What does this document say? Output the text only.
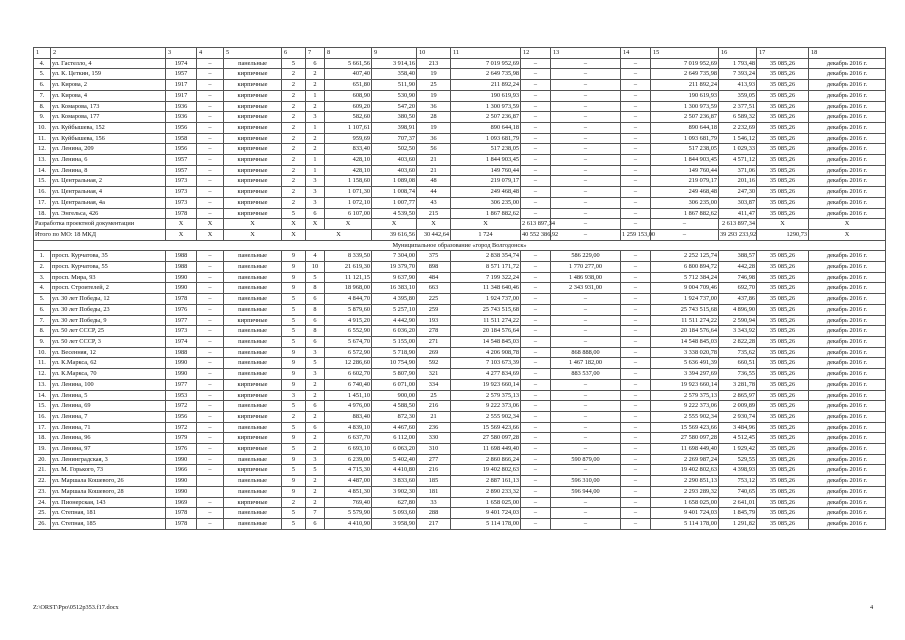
1	2	3	4	5	6	7	8	9	10	11	12	13	14	15	16	17	18	
4.	ул. Гастелло, 4	1974	–	панельные	5	6	5 661,56	3 914,16	213	7 019 952,69	–	–	–	7 019 952,69	1 793,48	35 085,26	декабрь 2016 г.	
5.	ул. К. Цеткин, 159	1957	–	кирпичные	2	2	407,40	358,40	19	2 649 735,98	–	–	–	2 649 735,98	7 393,24	35 085,26	декабрь 2016 г.	
6.	ул. Кирова, 2	1917	–	кирпичные	2	2	651,80	511,90	25	211 892,24	–	–	–	211 892,24	413,93	35 085,26	декабрь 2016 г.	
7.	ул. Кирова, 4	1917	–	кирпичные	2	1	608,90	530,90	19	190 619,93	–	–	–	190 619,93	359,05	35 085,26	декабрь 2016 г.	
8.	ул. Комарова, 173	1936	–	кирпичные	2	2	609,20	547,20	36	1 300 973,59	–	–	–	1 300 973,59	2 377,51	35 085,26	декабрь 2016 г.	
9.	ул. Комарова, 177	1936	–	кирпичные	2	3	582,60	380,50	28	2 507 236,87	–	–	–	2 507 236,87	6 589,32	35 085,26	декабрь 2016 г.	
10.	ул. Куйбышева, 152	1956	–	кирпичные	2	1	1 107,61	398,91	19	890 644,18	–	–	–	890 644,18	2 232,69	35 085,26	декабрь 2016 г.	
11.	ул. Куйбышева, 156	1958	–	кирпичные	2	2	959,69	707,37	36	1 093 681,79	–	–	–	1 093 681,79	1 546,12	35 085,26	декабрь 2016 г.	
12.	ул. Ленина, 209	1956	–	кирпичные	2	2	833,40	502,50	56	517 238,05	–	–	–	517 238,05	1 029,33	35 085,26	декабрь 2016 г.	
13.	ул. Ленина, 6	1957	–	кирпичные	2	1	428,10	403,60	21	1 844 903,45	–	–	–	1 844 903,45	4 571,12	35 085,26	декабрь 2016 г.	
14.	ул. Ленина, 8	1957	–	кирпичные	2	1	428,10	403,60	21	149 760,44	–	–	–	149 760,44	371,06	35 085,26	декабрь 2016 г.	
15.	ул. Центральная, 2	1973	–	кирпичные	2	3	1 158,60	1 089,08	48	219 079,17	–	–	–	219 079,17	201,16	35 085,26	декабрь 2016 г.	
16.	ул. Центральная, 4	1973	–	кирпичные	2	3	1 071,30	1 008,74	44	249 468,48	–	–	–	249 468,48	247,30	35 085,26	декабрь 2016 г.	
17.	ул. Центральная, 4а	1973	–	кирпичные	2	3	1 072,10	1 007,77	43	306 235,00	–	–	–	306 235,00	303,87	35 085,26	декабрь 2016 г.	
18.	ул. Энгельса, 426	1978	–	кирпичные	5	6	6 107,00	4 539,50	215	1 867 882,62	–	–	–	1 867 882,62	411,47	35 085,26	декабрь 2016 г.	
Разработка проектной документации		X	X	X	X	X	X	X	X	X	2 613 897,34	–	–	–	2 613 897,34	X	X	
Итого по МО: 18 МКД		X	X	X	X	X		39 616,56	30 442,64	1 724	40 552 386,92	–	1 259 153,00	–	39 293 233,92	1290,73	X	
Муниципальное образование «город Волгодонск»																		
1.	просп. Курчатова, 35	1988	–	панельные	9	4	8 339,50	7 304,00	375	2 838 354,74	–	586 229,00	–	2 252 125,74	388,57	35 085,26	декабрь 2016 г.	
2.	просп. Курчатова, 55	1988	–	панельные	9	10	21 619,30	19 379,70	898	8 571 171,72	–	1 770 277,00	–	6 800 894,72	442,28	35 085,26	декабрь 2016 г.	
3.	просп. Мира, 93	1990	–	панельные	9	5	11 121,15	9 637,90	484	7 199 322,24	–	1 486 938,00	–	5 712 384,24	746,98	35 085,26	декабрь 2016 г.	
4.	просп. Строителей, 2	1990	–	панельные	9	8	18 968,00	16 383,10	663	11 348 640,46	–	2 343 931,00	–	9 004 709,46	692,70	35 085,26	декабрь 2016 г.	
5.	ул. 30 лет Победы, 12	1978	–	панельные	5	6	4 844,70	4 395,80	225	1 924 737,00	–	–	–	1 924 737,00	437,86	35 085,26	декабрь 2016 г.	
6.	ул. 30 лет Победы, 23	1976	–	панельные	5	8	5 879,60	5 257,10	259	25 743 515,68	–	–	–	25 743 515,68	4 896,90	35 085,26	декабрь 2016 г.	
7.	ул. 30 лет Победы, 9	1977	–	кирпичные	5	6	4 915,20	4 442,90	193	11 511 274,22	–	–	–	11 511 274,22	2 590,94	35 085,26	декабрь 2016 г.	
8.	ул. 50 лет СССР, 25	1973	–	панельные	5	8	6 552,90	6 036,20	278	20 184 576,64	–	–	–	20 184 576,64	3 343,92	35 085,26	декабрь 2016 г.	
9.	ул. 50 лет СССР, 3	1974	–	панельные	5	6	5 674,70	5 155,00	271	14 548 845,03	–	–	–	14 548 845,03	2 822,28	35 085,26	декабрь 2016 г.	
10.	ул. Весенняя, 12	1988	–	панельные	9	3	6 572,90	5 718,90	269	4 206 908,78	–	868 888,00	–	3 338 020,78	735,62	35 085,26	декабрь 2016 г.	
11.	ул. К.Маркса, 62	1990	–	панельные	9	5	12 286,60	10 754,90	592	7 103 673,39	–	1 467 182,00	–	5 636 491,39	660,51	35 085,26	декабрь 2016 г.	
12.	ул. К.Маркса, 70	1990	–	панельные	9	3	6 602,70	5 807,90	321	4 277 834,69	–	883 537,00	–	3 394 297,69	736,55	35 085,26	декабрь 2016 г.	
13.	ул. Ленина, 100	1977	–	кирпичные	9	2	6 740,40	6 071,00	334	19 923 660,14	–	–	–	19 923 660,14	3 281,78	35 085,26	декабрь 2016 г.	
14.	ул. Ленина, 5	1953	–	кирпичные	3	2	1 451,10	900,00	25	2 579 375,13	–	–	–	2 579 375,13	2 865,97	35 085,26	декабрь 2016 г.	
15.	ул. Ленина, 69	1972	–	панельные	5	6	4 976,00	4 588,50	216	9 222 373,06	–	–	–	9 222 373,06	2 009,89	35 085,26	декабрь 2016 г.	
16.	ул. Ленина, 7	1956	–	кирпичные	2	2	883,40	872,30	21	2 555 902,34	–	–	–	2 555 902,34	2 930,74	35 085,26	декабрь 2016 г.	
17.	ул. Ленина, 71	1972	–	панельные	5	6	4 839,10	4 467,60	236	15 569 423,66	–	–	–	15 569 423,66	3 484,96	35 085,26	декабрь 2016 г.	
18.	ул. Ленина, 96	1979	–	кирпичные	9	2	6 637,70	6 112,00	330	27 580 097,28	–	–	–	27 580 097,28	4 512,45	35 085,26	декабрь 2016 г.	
19.	ул. Ленина, 97	1976	–	кирпичные	5	2	6 693,10	6 063,20	310	11 698 449,40	–	–	–	11 698 449,40	1 929,42	35 085,26	декабрь 2016 г.	
20.	ул. Ленинградская, 3	1990	–	панельные	9	3	6 239,00	5 402,40	277	2 860 866,24	–	590 879,00	–	2 269 987,24	529,55	35 085,26	декабрь 2016 г.	
21.	ул. М. Горького, 73	1966	–	кирпичные	5	5	4 715,30	4 410,80	216	19 402 802,63	–	–	–	19 402 802,63	4 398,93	35 085,26	декабрь 2016 г.	
22.	ул. Маршала Кошевого, 26	1990		панельные	9	2	4 487,00	3 833,60	185	2 887 161,13	–	596 310,00	–	2 290 851,13	753,12	35 085,26	декабрь 2016 г.	
23.	ул. Маршала Кошевого, 28	1990		панельные	9	2	4 851,30	3 902,30	181	2 890 233,32	–	596 944,00	–	2 293 289,32	740,65	35 085,26	декабрь 2016 г.	
24.	ул. Пионерская, 143	1969	–	кирпичные	2	2	769,40	627,80	33	1 658 025,00	–	–	–	1 658 025,00	2 641,01	35 085,26	декабрь 2016 г.	
25.	ул. Степная, 181	1978	–	панельные	5	7	5 579,90	5 093,60	288	9 401 724,03	–	–	–	9 401 724,03	1 845,79	35 085,26	декабрь 2016 г.	
26.	ул. Степная, 185	1978	–	панельные	5	6	4 410,90	3 958,90	217	5 114 178,00	–	–	–	5 114 178,00	1 291,82	35 085,26	декабрь 2016 г.	
Z:\ORST\Ppo\0512p353.f17.docx	4
